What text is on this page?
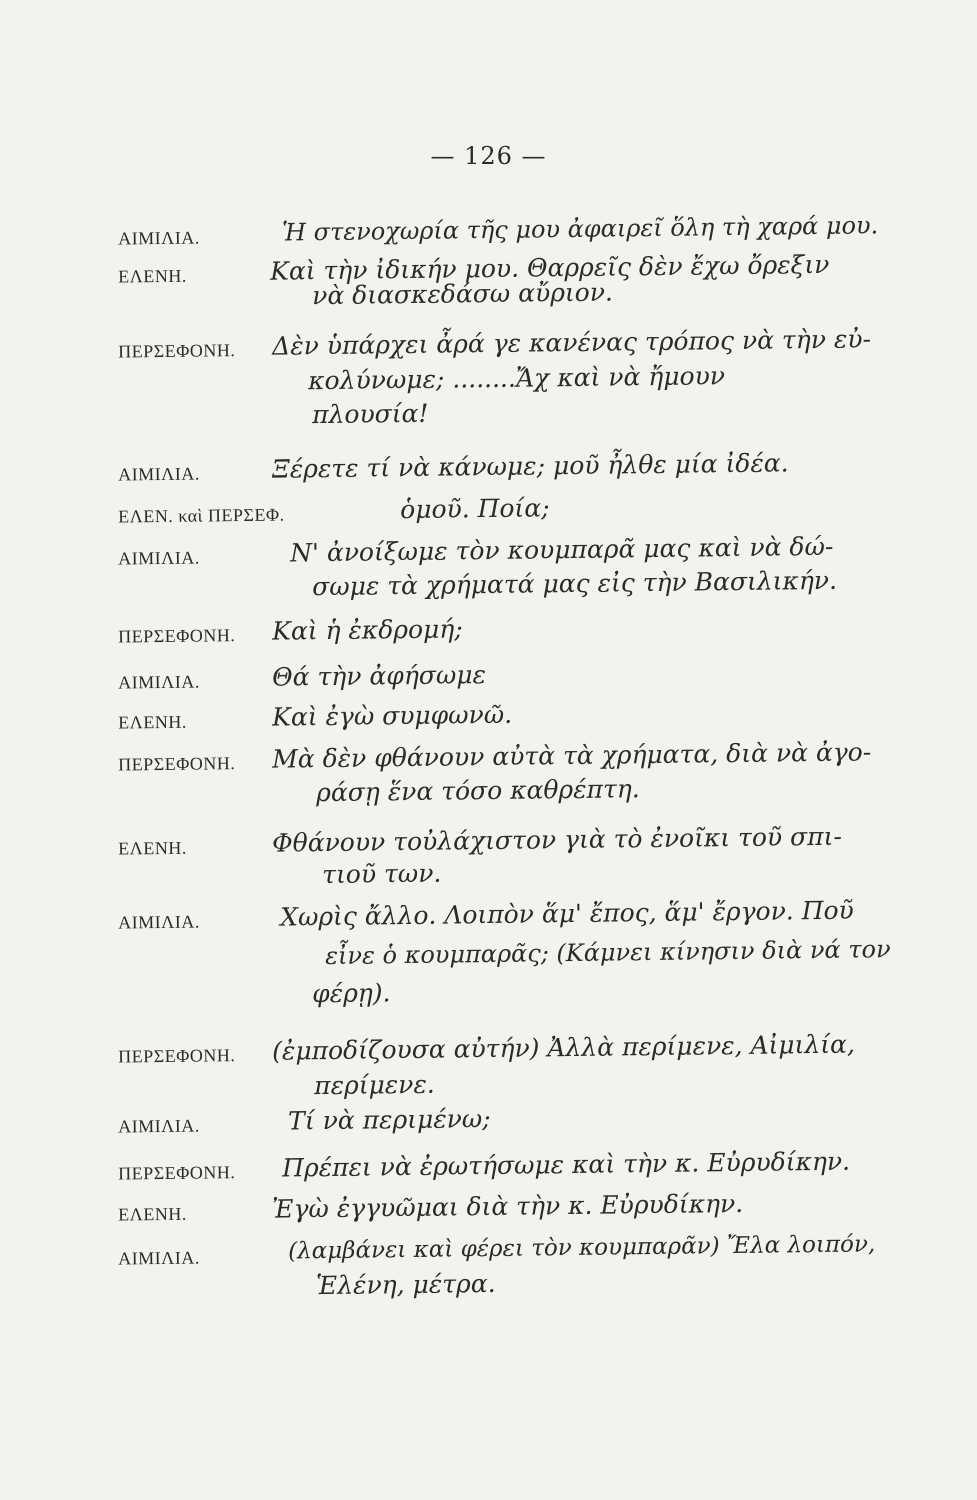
— 126 —
ΑΙΜΙΛΙΑ.	Ἡ στενοχωρία τῆς μου ἀφαιρεῖ ὅλη τὴ χαρά μου.
ΕΛΕΝΗ.	Καὶ τὴν ἰδικήν μου. Θαρρεῖς δὲν ἔχω ὄρεξιν
νὰ διασκεδάσω αὔριον.
ΠΕΡΣΕΦΟΝΗ. Δὲν ὑπάρχει ἆρά γε κανένας τρόπος νὰ τὴν εὐ-
κολύνωμε; ........Ἄχ καὶ νὰ ἤμουν
πλουσία!
ΑΙΜΙΛΙΑ.	Ξέρετε τί νὰ κάνωμε; μοῦ ἦλθε μία ἰδέα.
ΕΛΕΝ. καὶ ΠΕΡΣΕΦ.	ὁμοῦ. Ποία;
ΑΙΜΙΛΙΑ.	Ν' ἀνοίξωμε τὸν κουμπαρᾶ μας καὶ νὰ δώ-
σωμε τὰ χρήματά μας εἰς τὴν Βασιλικήν.
ΠΕΡΣΕΦΟΝΗ. Καὶ ἡ ἐκδρομή;
ΑΙΜΙΛΙΑ.	Θά τὴν ἀφήσωμε
ΕΛΕΝΗ.	Καὶ ἐγὼ συμφωνῶ.
ΠΕΡΣΕΦΟΝΗ. Μὰ δὲν φθάνουν αὐτὰ τὰ χρήματα, διὰ νὰ ἀγο-
ράσῃ ἕνα τόσο καθρέπτη.
ΕΛΕΝΗ.	Φθάνουν τοὐλάχιστον γιὰ τὸ ἐνοῖκι τοῦ σπι-
τιοῦ των.
ΑΙΜΙΛΙΑ.	Χωρὶς ἄλλο. Λοιπὸν ἅμ' ἔπος, ἅμ' ἔργον. Ποῦ
εἶνε ὁ κουμπαρᾶς; (Κάμνει κίνησιν διὰ νά τον
φέρῃ).
ΠΕΡΣΕΦΟΝΗ. (ἐμποδίζουσα αὐτήν) Ἀλλὰ περίμενε, Αἰμιλία,
περίμενε.
ΑΙΜΙΛΙΑ.	Τί νὰ περιμένω;
ΠΕΡΣΕΦΟΝΗ. Πρέπει νὰ ἐρωτήσωμε καὶ τὴν κ. Εὐρυδίκην.
ΕΛΕΝΗ.	Ἐγὼ ἐγγυῶμαι διὰ τὴν κ. Εὐρυδίκην.
ΑΙΜΙΛΙΑ.	(λαμβάνει καὶ φέρει τὸν κουμπαρᾶν) Ἔλα λοιπόν,
Ἑλένη, μέτρα.
